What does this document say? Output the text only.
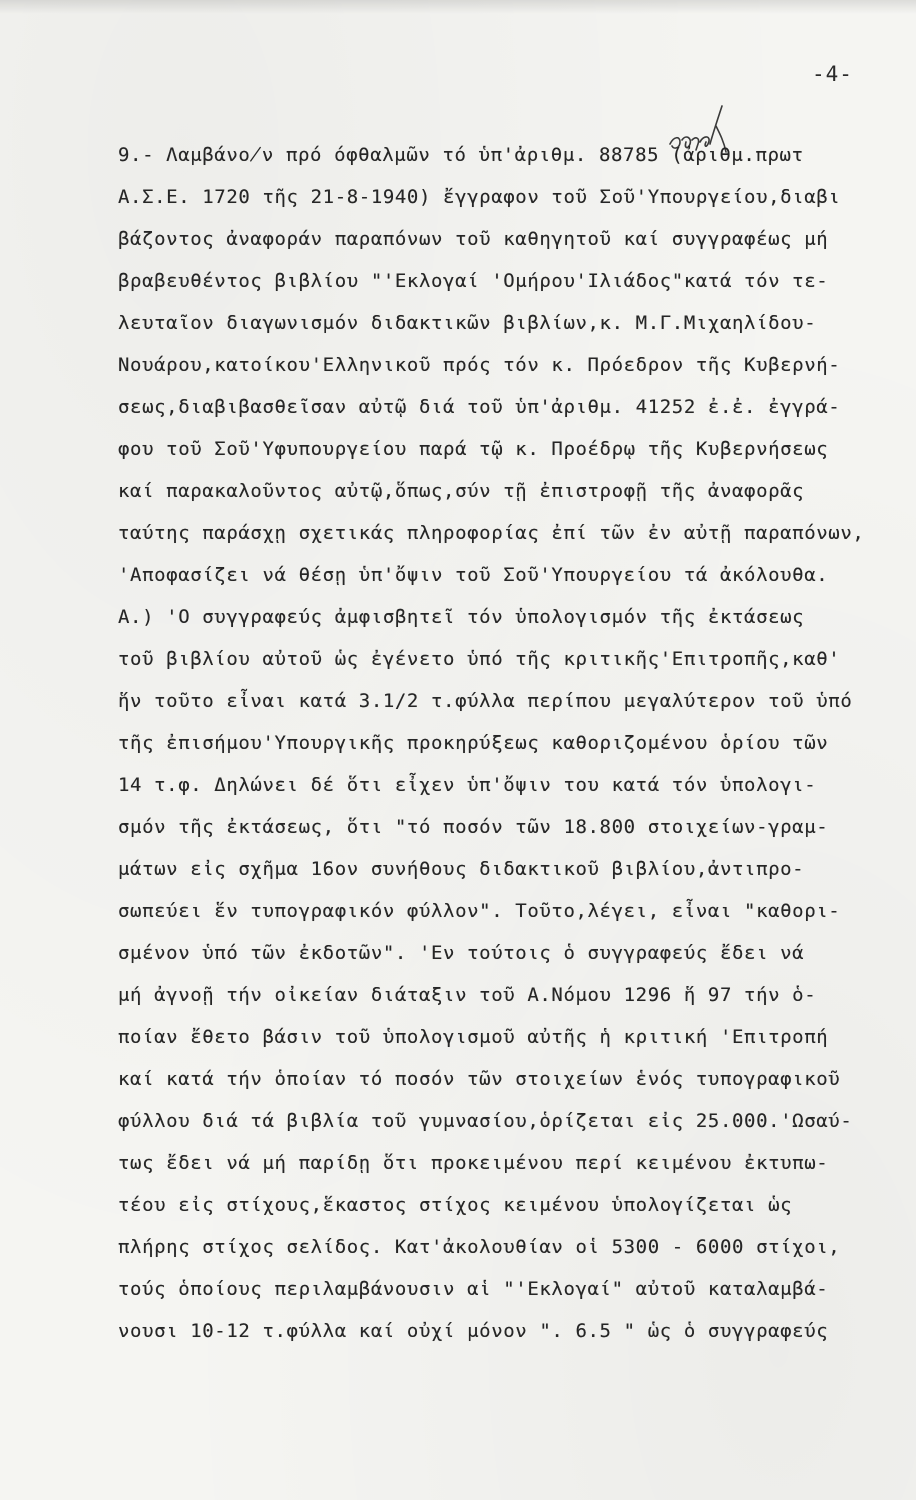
-4-
9.- Λαμβάνο̸ν πρό όφθαλμῶν τό ὑπ'ἀριθμ. 88785 (ἀριθμ.πρωτ
Α.Σ.Ε. 1720 τῆς 21-8-1940) ἔγγραφον τοῦ Σοῦ'Υπουργείου,διαβι
βάζοντος ἀναφοράν παραπόνων τοῦ καθηγητοῦ καί συγγραφέως μή
βραβευθέντος βιβλίου "'Εκλογαί 'Ομήρου'Ιλιάδος"κατά τόν τε-
λευταῖον διαγωνισμόν διδακτικῶν βιβλίων,κ. Μ.Γ.Μιχαηλίδου-
Νουάρου,κατοίκου'Ελληνικοῦ πρός τόν κ. Πρόεδρον τῆς Κυβερνή-
σεως,διαβιβασθεῖσαν αὐτῷ διά τοῦ ὑπ'ἀριθμ. 41252 ἐ.ἐ. ἐγγρά-
φου τοῦ Σοῦ'Υφυπουργείου παρά τῷ κ. Προέδρῳ τῆς Κυβερνήσεως
καί παρακαλοῦντος αὐτῷ,ὅπως,σύν τῇ ἐπιστροφῇ τῆς ἀναφορᾶς
ταύτης παράσχῃ σχετικάς πληροφορίας ἐπί τῶν ἐν αὐτῇ παραπόνων,
'Αποφασίζει νά θέσῃ ὑπ'ὄψιν τοῦ Σοῦ'Υπουργείου τά ἀκόλουθα.
Α.) 'Ο συγγραφεύς ἀμφισβητεῖ τόν ὑπολογισμόν τῆς ἐκτάσεως
τοῦ βιβλίου αὐτοῦ ὡς ἐγένετο ὑπό τῆς κριτικῆς'Επιτροπῆς,καθ'
ἥν τοῦτο εἶναι κατά 3.1/2 τ.φύλλα περίπου μεγαλύτερον τοῦ ὑπό
τῆς ἐπισήμου'Υπουργικῆς προκηρύξεως καθοριζομένου ὁρίου τῶν
14 τ.φ. Δηλώνει δέ ὅτι εἶχεν ὑπ'ὄψιν του κατά τόν ὑπολογι-
σμόν τῆς ἐκτάσεως, ὅτι "τό ποσόν τῶν 18.800 στοιχείων-γραμ-
μάτων εἰς σχῆμα 16ον συνήθους διδακτικοῦ βιβλίου,ἀντιπρο-
σωπεύει ἕν τυπογραφικόν φύλλον". Τοῦτο,λέγει, εἶναι "καθορι-
σμένον ὑπό τῶν ἐκδοτῶν". 'Εν τούτοις ὁ συγγραφεύς ἔδει νά
μή ἀγνοῇ τήν οἰκείαν διάταξιν τοῦ Α.Νόμου 1296 ἥ 97 τήν ὁ-
ποίαν ἔθετο βάσιν τοῦ ὑπολογισμοῦ αὐτῆς ἡ κριτική 'Επιτροπή
καί κατά τήν ὁποίαν τό ποσόν τῶν στοιχείων ἑνός τυπογραφικοῦ
φύλλου διά τά βιβλία τοῦ γυμνασίου,ὁρίζεται εἰς 25.000.'Ωσαύ-
τως ἔδει νά μή παρίδῃ ὅτι προκειμένου περί κειμένου ἐκτυπω-
τέου εἰς στίχους,ἕκαστος στίχος κειμένου ὑπολογίζεται ὡς
πλήρης στίχος σελίδος. Κατ'ἀκολουθίαν οἱ 5300 - 6000 στίχοι,
τούς ὁποίους περιλαμβάνουσιν αἱ "'Εκλογαί" αὐτοῦ καταλαμβά-
νουσι 10-12 τ.φύλλα καί οὐχί μόνον ". 6.5 " ὡς ὁ συγγραφεύς
